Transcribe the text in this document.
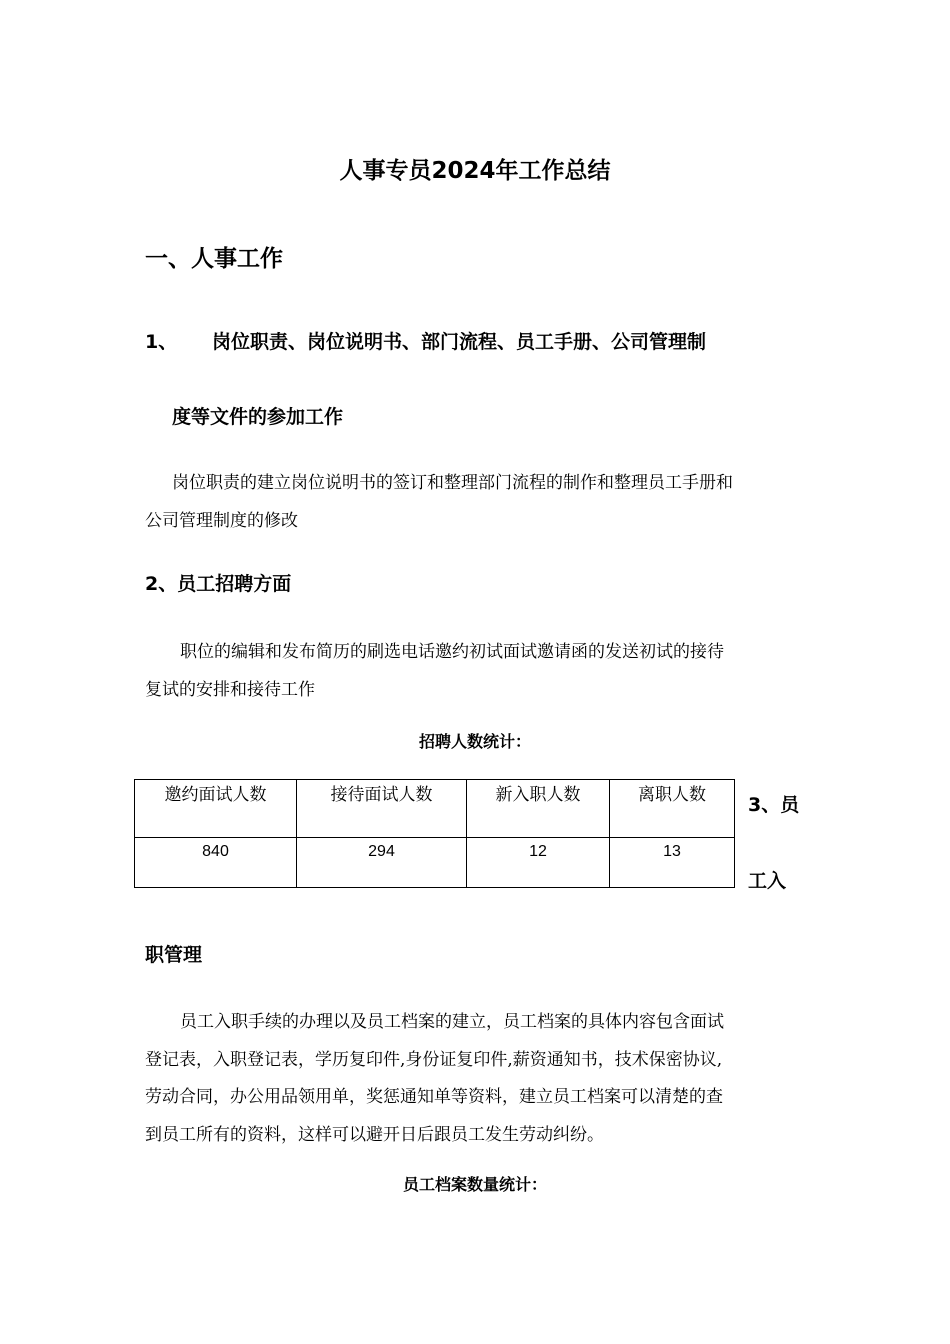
人事专员2024年工作总结
一、人事工作
1、 岗位职责、岗位说明书、部门流程、员工手册、公司管理制
度等文件的参加工作
岗位职责的建立岗位说明书的签订和整理部门流程的制作和整理员工手册和
公司管理制度的修改
2、员工招聘方面
职位的编辑和发布简历的刷选电话邀约初试面试邀请函的发送初试的接待
复试的安排和接待工作
招聘人数统计：
邀约面试人数	接待面试人数	新入职人数	离职人数
840	294	12	13
3、员
工入
职管理
员工入职手续的办理以及员工档案的建立，员工档案的具体内容包含面试
登记表，入职登记表，学历复印件,身份证复印件,薪资通知书，技术保密协议,
劳动合同，办公用品领用单，奖惩通知单等资料，建立员工档案可以清楚的查
到员工所有的资料，这样可以避开日后跟员工发生劳动纠纷。
员工档案数量统计：
